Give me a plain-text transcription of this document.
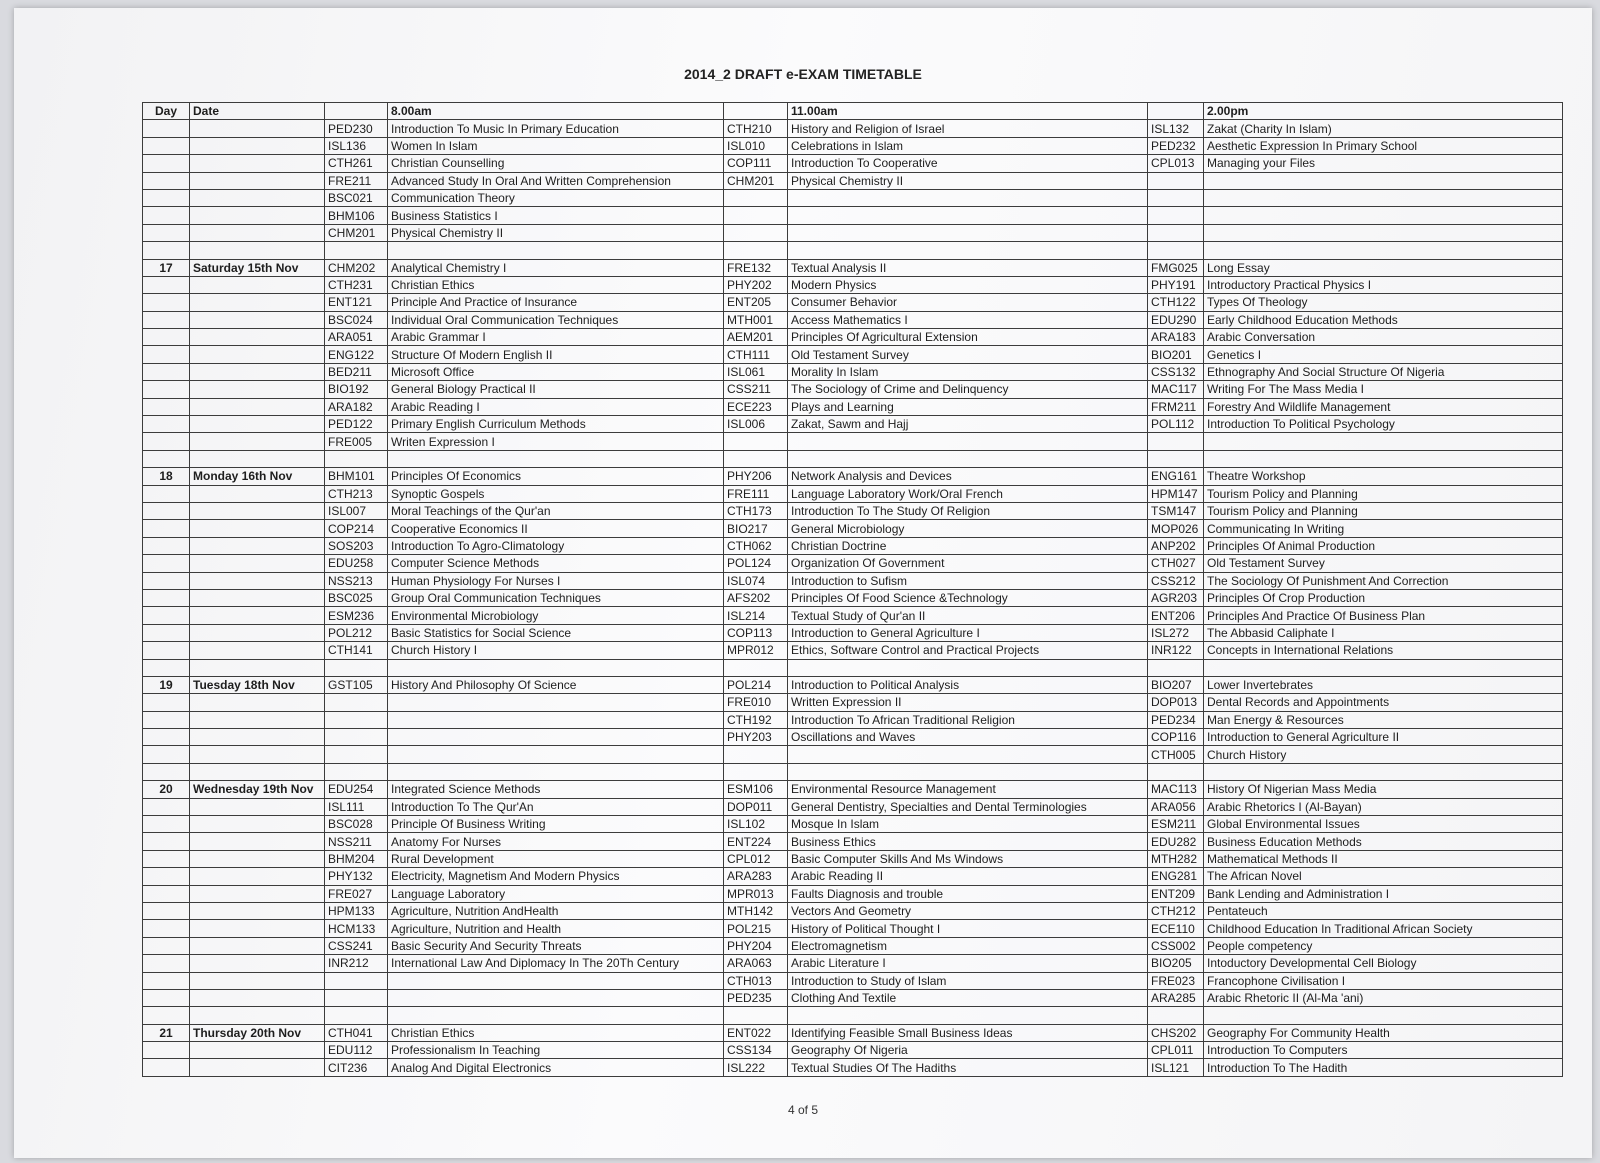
2014_2 DRAFT e-EXAM TIMETABLE
Day	Date		8.00am		11.00am		2.00pm
		PED230	Introduction To Music In Primary Education	CTH210	History and Religion of Israel	ISL132	Zakat (Charity In Islam)
		ISL136	Women In Islam	ISL010	Celebrations in Islam	PED232	Aesthetic Expression In Primary School
		CTH261	Christian Counselling	COP111	Introduction To Cooperative	CPL013	Managing your Files
		FRE211	Advanced Study In Oral And Written Comprehension	CHM201	Physical Chemistry II		
		BSC021	Communication Theory				
		BHM106	Business Statistics I				
		CHM201	Physical Chemistry II				

17	Saturday 15th Nov	CHM202	Analytical Chemistry I	FRE132	Textual Analysis II	FMG025	Long Essay
		CTH231	Christian Ethics	PHY202	Modern Physics	PHY191	Introductory Practical Physics I
		ENT121	Principle And Practice of Insurance	ENT205	Consumer Behavior	CTH122	Types Of Theology
		BSC024	Individual Oral Communication Techniques	MTH001	Access Mathematics I	EDU290	Early Childhood Education Methods
		ARA051	Arabic Grammar I	AEM201	Principles Of Agricultural Extension	ARA183	Arabic Conversation
		ENG122	Structure Of Modern English II	CTH111	Old Testament Survey	BIO201	Genetics I
		BED211	Microsoft Office	ISL061	Morality In Islam	CSS132	Ethnography And Social Structure Of Nigeria
		BIO192	General Biology Practical II	CSS211	The Sociology of Crime and Delinquency	MAC117	Writing For The Mass Media I
		ARA182	Arabic Reading I	ECE223	Plays and Learning	FRM211	Forestry And Wildlife Management
		PED122	Primary English Curriculum Methods	ISL006	Zakat, Sawm and Hajj	POL112	Introduction To Political Psychology
		FRE005	Writen Expression I				

18	Monday 16th Nov	BHM101	Principles Of Economics	PHY206	Network Analysis and Devices	ENG161	Theatre Workshop
		CTH213	Synoptic Gospels	FRE111	Language Laboratory Work/Oral French	HPM147	Tourism Policy and Planning
		ISL007	Moral Teachings of the Qur'an	CTH173	Introduction To The Study Of Religion	TSM147	Tourism Policy and Planning
		COP214	Cooperative Economics II	BIO217	General Microbiology	MOP026	Communicating In Writing
		SOS203	Introduction To Agro-Climatology	CTH062	Christian Doctrine	ANP202	Principles Of Animal Production
		EDU258	Computer Science Methods	POL124	Organization Of Government	CTH027	Old Testament Survey
		NSS213	Human Physiology For Nurses I	ISL074	Introduction to Sufism	CSS212	The Sociology Of Punishment And Correction
		BSC025	Group Oral Communication Techniques	AFS202	Principles Of Food Science &Technology	AGR203	Principles Of Crop Production
		ESM236	Environmental Microbiology	ISL214	Textual Study of Qur'an II	ENT206	Principles And Practice Of Business Plan
		POL212	Basic Statistics for Social Science	COP113	Introduction to General Agriculture I	ISL272	The Abbasid Caliphate I
		CTH141	Church History I	MPR012	Ethics, Software Control and Practical Projects	INR122	Concepts in International Relations

19	Tuesday 18th Nov	GST105	History And Philosophy Of Science	POL214	Introduction to Political Analysis	BIO207	Lower Invertebrates
				FRE010	Written Expression II	DOP013	Dental Records and Appointments
				CTH192	Introduction To African Traditional Religion	PED234	Man Energy & Resources
				PHY203	Oscillations and Waves	COP116	Introduction to General Agriculture II
						CTH005	Church History

20	Wednesday 19th Nov	EDU254	Integrated Science Methods	ESM106	Environmental Resource Management	MAC113	History Of Nigerian Mass Media
		ISL111	Introduction To The Qur'An	DOP011	General Dentistry, Specialties and Dental Terminologies	ARA056	Arabic Rhetorics I (Al-Bayan)
		BSC028	Principle Of Business Writing	ISL102	Mosque In Islam	ESM211	Global Environmental Issues
		NSS211	Anatomy For Nurses	ENT224	Business Ethics	EDU282	Business Education Methods
		BHM204	Rural Development	CPL012	Basic Computer Skills And Ms Windows	MTH282	Mathematical Methods II
		PHY132	Electricity, Magnetism And Modern Physics	ARA283	Arabic Reading II	ENG281	The African Novel
		FRE027	Language Laboratory	MPR013	Faults Diagnosis and trouble	ENT209	Bank Lending and Administration I
		HPM133	Agriculture, Nutrition AndHealth	MTH142	Vectors And Geometry	CTH212	Pentateuch
		HCM133	Agriculture, Nutrition and Health	POL215	History of Political Thought I	ECE110	Childhood Education In Traditional African Society
		CSS241	Basic Security And Security Threats	PHY204	Electromagnetism	CSS002	People competency
		INR212	International Law And Diplomacy In The 20Th Century	ARA063	Arabic Literature I	BIO205	Intoductory Developmental Cell Biology
				CTH013	Introduction to Study of Islam	FRE023	Francophone Civilisation I
				PED235	Clothing And Textile	ARA285	Arabic Rhetoric II (Al-Ma 'ani)

21	Thursday 20th Nov	CTH041	Christian Ethics	ENT022	Identifying Feasible Small Business Ideas	CHS202	Geography For Community Health
		EDU112	Professionalism In Teaching	CSS134	Geography Of Nigeria	CPL011	Introduction To Computers
		CIT236	Analog And Digital Electronics	ISL222	Textual Studies Of The Hadiths	ISL121	Introduction To The Hadith
4 of 5
